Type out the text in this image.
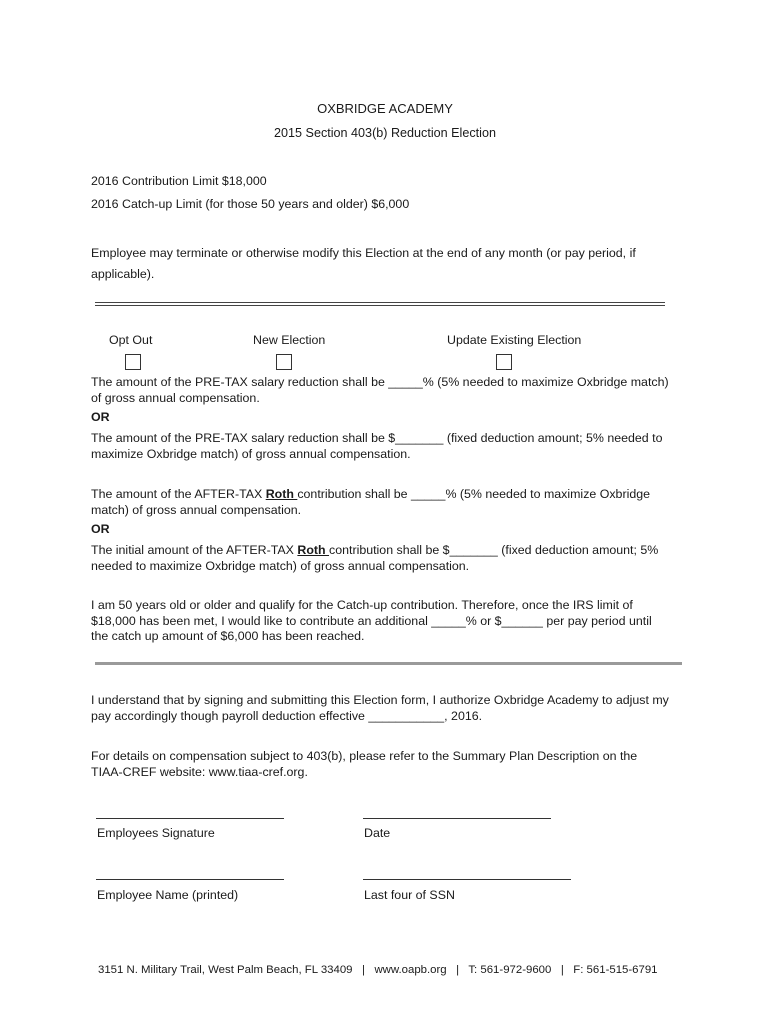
OXBRIDGE ACADEMY
2015 Section 403(b) Reduction Election
2016 Contribution Limit $18,000
2016 Catch-up Limit (for those 50 years and older) $6,000
Employee may terminate or otherwise modify this Election at the end of any month (or pay period, if applicable).
Opt Out	New Election	Update Existing Election
The amount of the PRE-TAX salary reduction shall be _____% (5% needed to maximize Oxbridge match) of gross annual compensation.
OR
The amount of the PRE-TAX salary reduction shall be $_______ (fixed deduction amount; 5% needed to maximize Oxbridge match) of gross annual compensation.
The amount of the AFTER-TAX Roth contribution shall be _____% (5% needed to maximize Oxbridge match) of gross annual compensation.
OR
The initial amount of the AFTER-TAX Roth contribution shall be $_______ (fixed deduction amount; 5% needed to maximize Oxbridge match) of gross annual compensation.
I am 50 years old or older and qualify for the Catch-up contribution. Therefore, once the IRS limit of $18,000 has been met, I would like to contribute an additional _____% or $______ per pay period until the catch up amount of $6,000 has been reached.
I understand that by signing and submitting this Election form, I authorize Oxbridge Academy to adjust my pay accordingly though payroll deduction effective ___________, 2016.
For details on compensation subject to 403(b), please refer to the Summary Plan Description on the TIAA-CREF website: www.tiaa-cref.org.
Employees Signature	Date
Employee Name (printed)	Last four of SSN
3151 N. Military Trail, West Palm Beach, FL 33409   |   www.oapb.org   |   T: 561-972-9600   |   F: 561-515-6791
